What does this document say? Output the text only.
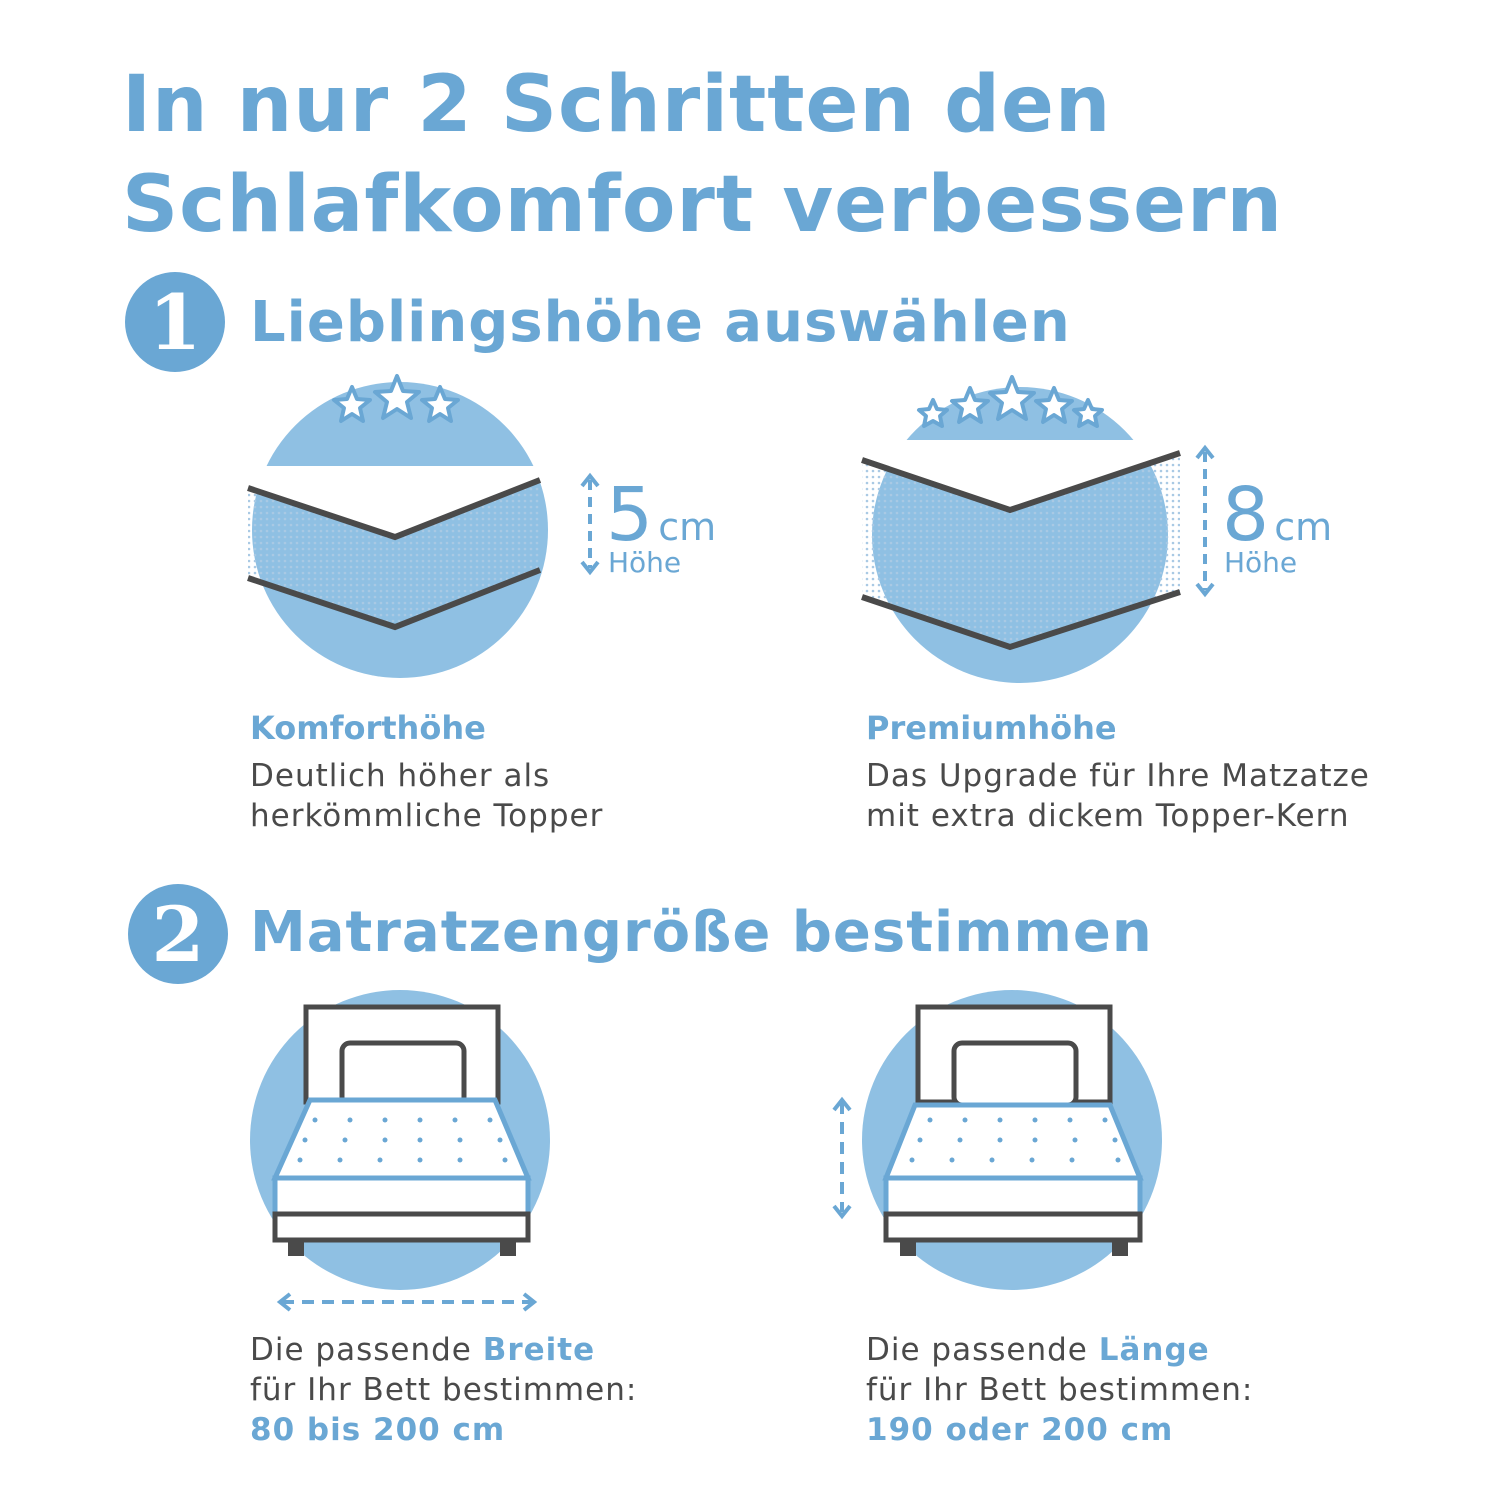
In nur 2 Schritten den
Schlafkomfort verbessern
1 Lieblingshöhe auswählen
5 cm
Höhe
8 cm
Höhe
Komforthöhe
Deutlich höher als
herkömmliche Topper
Premiumhöhe
Das Upgrade für Ihre Matzatze
mit extra dickem Topper-Kern
2 Matratzengröße bestimmen
Die passende Breite
für Ihr Bett bestimmen:
80 bis 200 cm
Die passende Länge
für Ihr Bett bestimmen:
190 oder 200 cm
